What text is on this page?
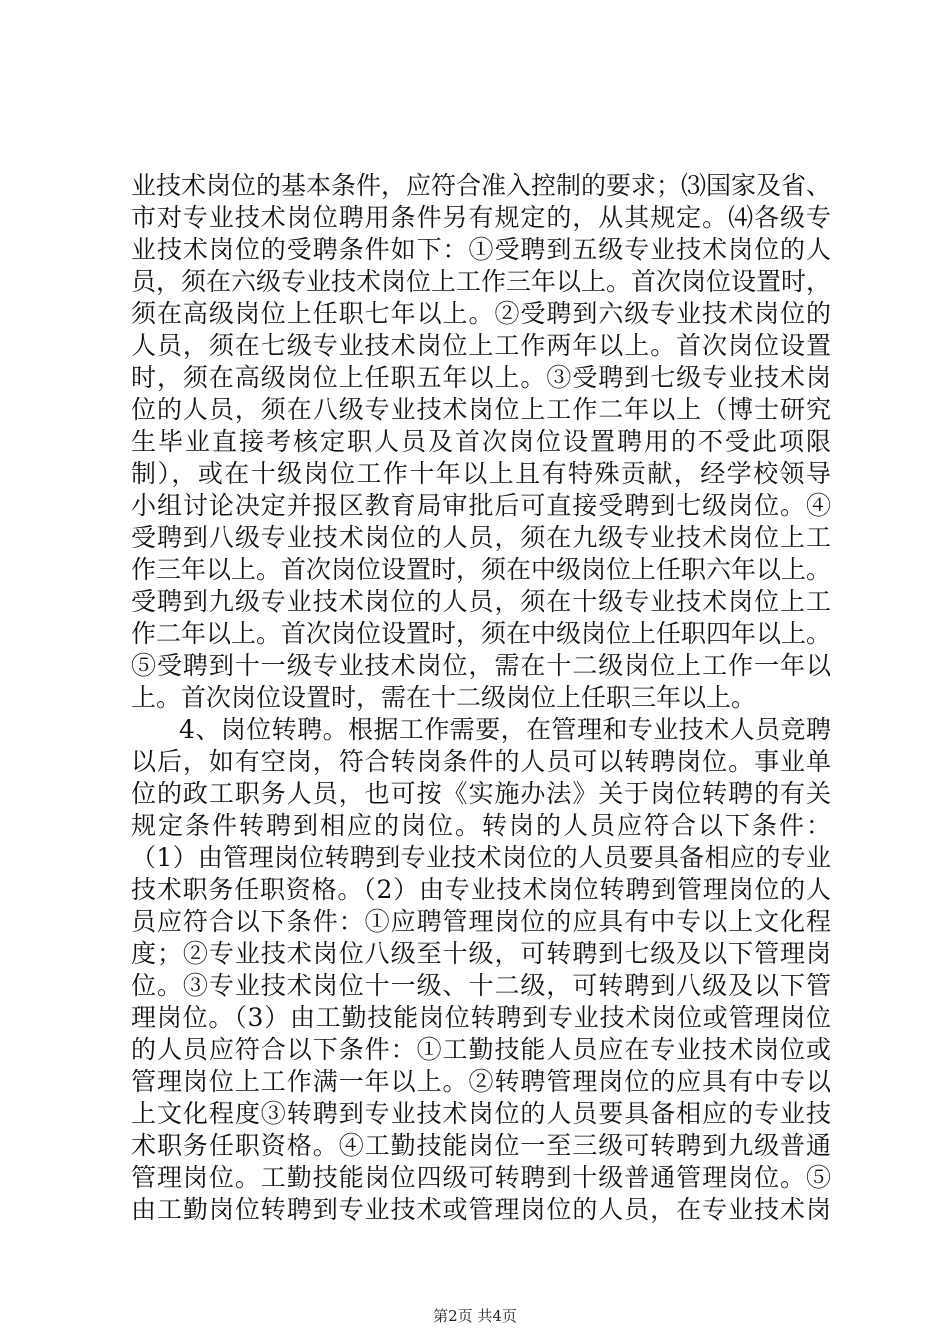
业技术岗位的基本条件，应符合准入控制的要求；⑶国家及省、
市对专业技术岗位聘用条件另有规定的，从其规定。⑷各级专
业技术岗位的受聘条件如下：①受聘到五级专业技术岗位的人
员，须在六级专业技术岗位上工作三年以上。首次岗位设置时，
须在高级岗位上任职七年以上。②受聘到六级专业技术岗位的
人员，须在七级专业技术岗位上工作两年以上。首次岗位设置
时，须在高级岗位上任职五年以上。③受聘到七级专业技术岗
位的人员，须在八级专业技术岗位上工作二年以上（博士研究
生毕业直接考核定职人员及首次岗位设置聘用的不受此项限
制），或在十级岗位工作十年以上且有特殊贡献，经学校领导
小组讨论决定并报区教育局审批后可直接受聘到七级岗位。④
受聘到八级专业技术岗位的人员，须在九级专业技术岗位上工
作三年以上。首次岗位设置时，须在中级岗位上任职六年以上。
受聘到九级专业技术岗位的人员，须在十级专业技术岗位上工
作二年以上。首次岗位设置时，须在中级岗位上任职四年以上。
⑤受聘到十一级专业技术岗位，需在十二级岗位上工作一年以
上。首次岗位设置时，需在十二级岗位上任职三年以上。
4、岗位转聘。根据工作需要，在管理和专业技术人员竞聘
以后，如有空岗，符合转岗条件的人员可以转聘岗位。事业单
位的政工职务人员，也可按《实施办法》关于岗位转聘的有关
规定条件转聘到相应的岗位。转岗的人员应符合以下条件：
（1）由管理岗位转聘到专业技术岗位的人员要具备相应的专业
技术职务任职资格。（2）由专业技术岗位转聘到管理岗位的人
员应符合以下条件：①应聘管理岗位的应具有中专以上文化程
度；②专业技术岗位八级至十级，可转聘到七级及以下管理岗
位。③专业技术岗位十一级、十二级，可转聘到八级及以下管
理岗位。（3）由工勤技能岗位转聘到专业技术岗位或管理岗位
的人员应符合以下条件：①工勤技能人员应在专业技术岗位或
管理岗位上工作满一年以上。②转聘管理岗位的应具有中专以
上文化程度③转聘到专业技术岗位的人员要具备相应的专业技
术职务任职资格。④工勤技能岗位一至三级可转聘到九级普通
管理岗位。工勤技能岗位四级可转聘到十级普通管理岗位。⑤
由工勤岗位转聘到专业技术或管理岗位的人员，在专业技术岗
第2页 共4页
